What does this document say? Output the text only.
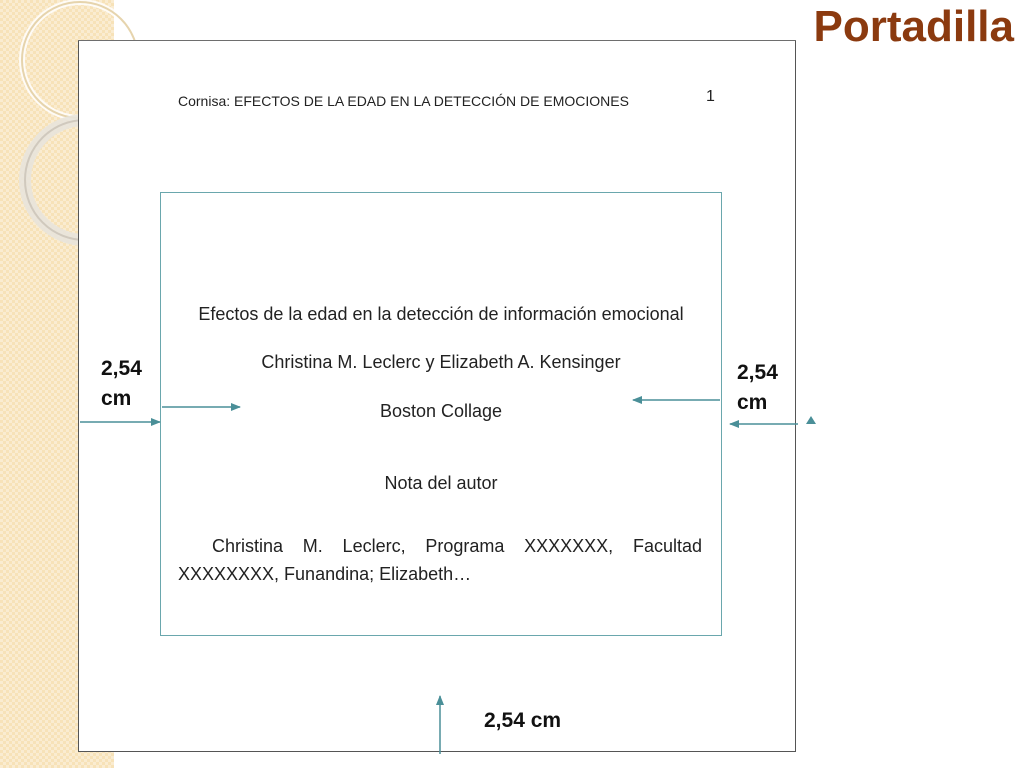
Portadilla
Cornisa: EFECTOS DE LA EDAD EN LA DETECCIÓN DE EMOCIONES	1
Efectos de la edad en la detección de información emocional
Christina M. Leclerc y Elizabeth A. Kensinger
Boston Collage
Nota del autor
Christina M. Leclerc, Programa XXXXXXX, Facultad XXXXXXXX, Funandina; Elizabeth…
2,54 cm
2,54 cm
2,54 cm
